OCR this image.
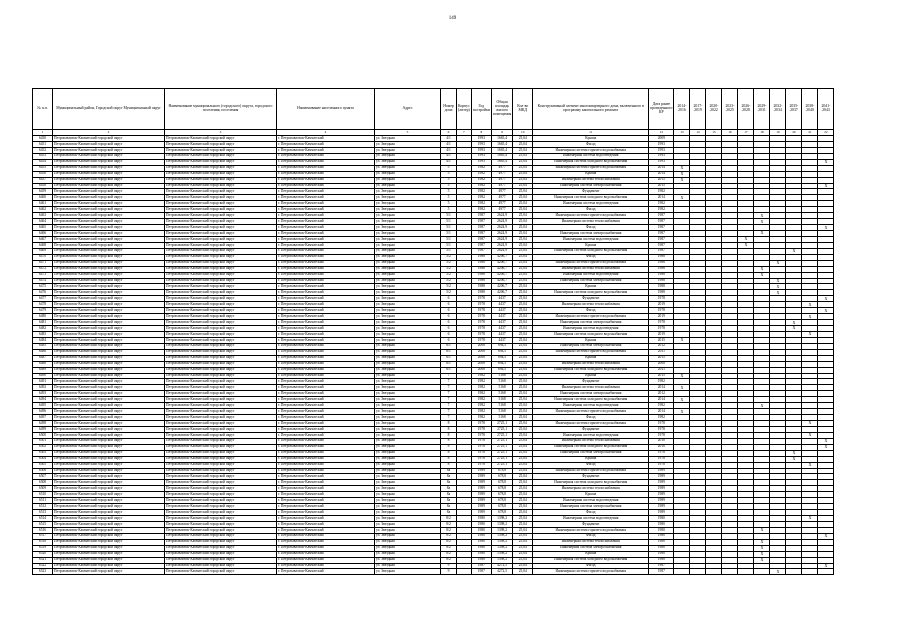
149
№ п.п.	Муниципальный район, Городской округ Муниципальный округ	Наименование муниципального (городского) округа, городского поселения, поселения	Наименование населенного пункта	Адрес	Номер дома	Корпус (литер)	Год постройки	Общая площадь жилого помещения	Кол-во МКД	Конструктивный элемент многоквартирного дома, включенного в программу капитального ремонта	Дата ранее проведенного КР	2014-2016	2017-2019	2020-2022	2023-2025	2026-2028	2029-2031	2032-2034	2035-2037	2038-2040	2041-2043
1	2	3	4	5	6	7	8	9	10	11	12	13	14	15	16	17	18	19	20	21	22
6450	Петропавловск-Камчатский городской округ	Петропавловск-Камчатский городской округ	г. Петропавловск-Камчатский	ул. Звездная	4/1		1993	1665,4	25,04	Крыша	2009										
6451	Петропавловск-Камчатский городской округ	Петропавловск-Камчатский городской округ	г. Петропавловск-Камчатский	ул. Звездная	4/1		1993	1665,4	25,04	Фасад	1993										
6452	Петропавловск-Камчатский городской округ	Петропавловск-Камчатский городской округ	г. Петропавловск-Камчатский	ул. Звездная	4/1		1993	1665,4	25,04	Инженерная система горячего водоснабжения	1993										
6453	Петропавловск-Камчатский городской округ	Петропавловск-Камчатский городской округ	г. Петропавловск-Камчатский	ул. Звездная	4/1		1993	1665,4	25,04	Инженерная система водоотведения	1993										
6454	Петропавловск-Камчатский городской округ	Петропавловск-Камчатский городской округ	г. Петропавловск-Камчатский	ул. Звездная	4/1		1993	1665,4	25,04	Инженерная система холодного водоснабжения	1993										X
6455	Петропавловск-Камчатский городской округ	Петропавловск-Камчатский городской округ	г. Петропавловск-Камчатский	ул. Звездная	5		1982	4977	25,04	Инженерная система горячего водоснабжения	2014	X									
6456	Петропавловск-Камчатский городской округ	Петропавловск-Камчатский городской округ	г. Петропавловск-Камчатский	ул. Звездная	5		1982	4977	25,04	Крыша	2014	X									
6457	Петропавловск-Камчатский городской округ	Петропавловск-Камчатский городской округ	г. Петропавловск-Камчатский	ул. Звездная	5		1982	4977	25,04	Инженерная система теплоснабжения	2015	X									
6458	Петропавловск-Камчатский городской округ	Петропавловск-Камчатский городской округ	г. Петропавловск-Камчатский	ул. Звездная	5		1982	4977	25,04	Инженерная система электроснабжения	2015										X
6459	Петропавловск-Камчатский городской округ	Петропавловск-Камчатский городской округ	г. Петропавловск-Камчатский	ул. Звездная	5		1982	4977	25,04	Фундамент	1982										
6460	Петропавловск-Камчатский городской округ	Петропавловск-Камчатский городской округ	г. Петропавловск-Камчатский	ул. Звездная	5		1982	4977	25,04	Инженерная система холодного водоснабжения	2014	X									
6461	Петропавловск-Камчатский городской округ	Петропавловск-Камчатский городской округ	г. Петропавловск-Камчатский	ул. Звездная	5		1982	4977	25,04	Инженерная система водоотведения	1982										
6462	Петропавловск-Камчатский городской округ	Петропавловск-Камчатский городской округ	г. Петропавловск-Камчатский	ул. Звездная	5		1982	4977	25,04	Фасад	1982										
6463	Петропавловск-Камчатский городской округ	Петропавловск-Камчатский городской округ	г. Петропавловск-Камчатский	ул. Звездная	5/1		1987	2624,9	25,04	Инженерная система горячего водоснабжения	1987						X				
6464	Петропавловск-Камчатский городской округ	Петропавловск-Камчатский городской округ	г. Петропавловск-Камчатский	ул. Звездная	5/1		1987	2624,9	25,04	Инженерная система теплоснабжения	1987						X				
6465	Петропавловск-Камчатский городской округ	Петропавловск-Камчатский городской округ	г. Петропавловск-Камчатский	ул. Звездная	5/1		1987	2624,9	25,04	Фасад	1987										X
6466	Петропавловск-Камчатский городской округ	Петропавловск-Камчатский городской округ	г. Петропавловск-Камчатский	ул. Звездная	5/1		1987	2624,9	25,04	Инженерная система электроснабжения	1987						X				
6467	Петропавловск-Камчатский городской округ	Петропавловск-Камчатский городской округ	г. Петропавловск-Камчатский	ул. Звездная	5/1		1987	2624,9	25,04	Инженерная система водоотведения	1987					X					
6468	Петропавловск-Камчатский городской округ	Петропавловск-Камчатский городской округ	г. Петропавловск-Камчатский	ул. Звездная	5/1		1987	2624,9	25,04	Крыша	1987					X					
6469	Петропавловск-Камчатский городской округ	Петропавловск-Камчатский городской округ	г. Петропавловск-Камчатский	ул. Звездная	5/1		1987	2624,9	25,04	Инженерная система холодного водоснабжения	1987								X		
6470	Петропавловск-Камчатский городской округ	Петропавловск-Камчатский городской округ	г. Петропавловск-Камчатский	ул. Звездная	5/2		1988	4206,7	25,04	Фасад	1988										
6471	Петропавловск-Камчатский городской округ	Петропавловск-Камчатский городской округ	г. Петропавловск-Камчатский	ул. Звездная	5/2		1988	4206,7	25,04	Инженерная система горячего водоснабжения	1988							X			
6472	Петропавловск-Камчатский городской округ	Петропавловск-Камчатский городской округ	г. Петропавловск-Камчатский	ул. Звездная	5/2		1988	4206,7	25,04	Инженерная система теплоснабжения	1988						X				
6473	Петропавловск-Камчатский городской округ	Петропавловск-Камчатский городской округ	г. Петропавловск-Камчатский	ул. Звездная	5/2		1988	4206,7	25,04	Инженерная система водоотведения	1988						X				
6474	Петропавловск-Камчатский городской округ	Петропавловск-Камчатский городской округ	г. Петропавловск-Камчатский	ул. Звездная	5/2		1988	4206,7	25,04	Инженерная система электроснабжения	1988							X			
6475	Петропавловск-Камчатский городской округ	Петропавловск-Камчатский городской округ	г. Петропавловск-Камчатский	ул. Звездная	5/2		1988	4206,7	25,04	Крыша	1988							X			
6476	Петропавловск-Камчатский городской округ	Петропавловск-Камчатский городской округ	г. Петропавловск-Камчатский	ул. Звездная	5/2		1988	4206,7	25,04	Инженерная система холодного водоснабжения	1988							X			
6477	Петропавловск-Камчатский городской округ	Петропавловск-Камчатский городской округ	г. Петропавловск-Камчатский	ул. Звездная	6		1978	4437	25,04	Фундамент	1978										X
6478	Петропавловск-Камчатский городской округ	Петропавловск-Камчатский городской округ	г. Петропавловск-Камчатский	ул. Звездная	6		1978	4437	25,04	Инженерная система теплоснабжения	2019									X	
6479	Петропавловск-Камчатский городской округ	Петропавловск-Камчатский городской округ	г. Петропавловск-Камчатский	ул. Звездная	6		1978	4437	25,04	Фасад	1978										X
6480	Петропавловск-Камчатский городской округ	Петропавловск-Камчатский городской округ	г. Петропавловск-Камчатский	ул. Звездная	6		1978	4437	25,04	Инженерная система горячего водоснабжения	2019									X	
6481	Петропавловск-Камчатский городской округ	Петропавловск-Камчатский городской округ	г. Петропавловск-Камчатский	ул. Звездная	6		1978	4437	25,04	Инженерная система электроснабжения	1978								X		
6482	Петропавловск-Камчатский городской округ	Петропавловск-Камчатский городской округ	г. Петропавловск-Камчатский	ул. Звездная	6		1978	4437	25,04	Инженерная система водоотведения	1978								X		
6483	Петропавловск-Камчатский городской округ	Петропавловск-Камчатский городской округ	г. Петропавловск-Камчатский	ул. Звездная	6		1978	4437	25,04	Инженерная система холодного водоснабжения	2019									X	
6484	Петропавловск-Камчатский городской округ	Петропавловск-Камчатский городской округ	г. Петропавловск-Камчатский	ул. Звездная	6		1978	4437	25,04	Крыша	2015	X									
6485	Петропавловск-Камчатский городской округ	Петропавловск-Камчатский городской округ	г. Петропавловск-Камчатский	ул. Звездная	6/1		2008	694,5	25,04	Инженерная система электроснабжения	2012										
6486	Петропавловск-Камчатский городской округ	Петропавловск-Камчатский городской округ	г. Петропавловск-Камчатский	ул. Звездная	6/1		2008	694,5	25,04	Инженерная система горячего водоснабжения	2011										
6487	Петропавловск-Камчатский городской округ	Петропавловск-Камчатский городской округ	г. Петропавловск-Камчатский	ул. Звездная	6/1		2008	694,5	25,04	Крыша	2015										
6488	Петропавловск-Камчатский городской округ	Петропавловск-Камчатский городской округ	г. Петропавловск-Камчатский	ул. Звездная	6/1		2008	694,5	25,04	Инженерная система теплоснабжения	2008										
6489	Петропавловск-Камчатский городской округ	Петропавловск-Камчатский городской округ	г. Петропавловск-Камчатский	ул. Звездная	6/1		2008	694,5	25,04	Инженерная система холодного водоснабжения	2011										
6490	Петропавловск-Камчатский городской округ	Петропавловск-Камчатский городской округ	г. Петропавловск-Камчатский	ул. Звездная	7		1982	5168	25,04	Крыша	2015	X									
6491	Петропавловск-Камчатский городской округ	Петропавловск-Камчатский городской округ	г. Петропавловск-Камчатский	ул. Звездная	7		1982	5168	25,04	Фундамент	1982										
6492	Петропавловск-Камчатский городской округ	Петропавловск-Камчатский городской округ	г. Петропавловск-Камчатский	ул. Звездная	7		1982	5168	25,04	Инженерная система теплоснабжения	2014	X									
6493	Петропавловск-Камчатский городской округ	Петропавловск-Камчатский городской округ	г. Петропавловск-Камчатский	ул. Звездная	7		1982	5168	25,04	Инженерная система электроснабжения	2012										
6494	Петропавловск-Камчатский городской округ	Петропавловск-Камчатский городской округ	г. Петропавловск-Камчатский	ул. Звездная	7		1982	5168	25,04	Инженерная система холодного водоснабжения	2014	X									
6495	Петропавловск-Камчатский городской округ	Петропавловск-Камчатский городской округ	г. Петропавловск-Камчатский	ул. Звездная	7		1982	5168	25,04	Инженерная система водоотведения	1982						X				
6496	Петропавловск-Камчатский городской округ	Петропавловск-Камчатский городской округ	г. Петропавловск-Камчатский	ул. Звездная	7		1982	5168	25,04	Инженерная система горячего водоснабжения	2014	X									
6497	Петропавловск-Камчатский городской округ	Петропавловск-Камчатский городской округ	г. Петропавловск-Камчатский	ул. Звездная	7		1982	5168	25,04	Фасад	1982										
6498	Петропавловск-Камчатский городской округ	Петропавловск-Камчатский городской округ	г. Петропавловск-Камчатский	ул. Звездная	8		1978	2725,1	25,04	Инженерная система горячего водоснабжения	1978									X	
6499	Петропавловск-Камчатский городской округ	Петропавловск-Камчатский городской округ	г. Петропавловск-Камчатский	ул. Звездная	8		1978	2725,1	25,04	Фундамент	1978										
6500	Петропавловск-Камчатский городской округ	Петропавловск-Камчатский городской округ	г. Петропавловск-Камчатский	ул. Звездная	8		1978	2725,1	25,04	Инженерная система водоотведения	1978									X	
6501	Петропавловск-Камчатский городской округ	Петропавловск-Камчатский городской округ	г. Петропавловск-Камчатский	ул. Звездная	8		1978	2725,1	25,04	Инженерная система теплоснабжения	2010										X
6502	Петропавловск-Камчатский городской округ	Петропавловск-Камчатский городской округ	г. Петропавловск-Камчатский	ул. Звездная	8		1978	2725,1	25,04	Инженерная система холодного водоснабжения	2010										X
6503	Петропавловск-Камчатский городской округ	Петропавловск-Камчатский городской округ	г. Петропавловск-Камчатский	ул. Звездная	8		1978	2725,1	25,04	Инженерная система электроснабжения	1978								X		
6504	Петропавловск-Камчатский городской округ	Петропавловск-Камчатский городской округ	г. Петропавловск-Камчатский	ул. Звездная	8		1978	2725,1	25,04	Крыша	1978								X		
6505	Петропавловск-Камчатский городской округ	Петропавловск-Камчатский городской округ	г. Петропавловск-Камчатский	ул. Звездная	8		1978	2725,1	25,04	Фасад	1978									X	
6506	Петропавловск-Камчатский городской округ	Петропавловск-Камчатский городской округ	г. Петропавловск-Камчатский	ул. Звездная	8а		1989	678,8	25,04	Инженерная система горячего водоснабжения	1989										
6507	Петропавловск-Камчатский городской округ	Петропавловск-Камчатский городской округ	г. Петропавловск-Камчатский	ул. Звездная	8а		1989	678,8	25,04	Фундамент	1989										
6508	Петропавловск-Камчатский городской округ	Петропавловск-Камчатский городской округ	г. Петропавловск-Камчатский	ул. Звездная	8а		1989	678,8	25,04	Инженерная система холодного водоснабжения	1989										
6509	Петропавловск-Камчатский городской округ	Петропавловск-Камчатский городской округ	г. Петропавловск-Камчатский	ул. Звездная	8а		1989	678,8	25,04	Инженерная система теплоснабжения	1989										
6510	Петропавловск-Камчатский городской округ	Петропавловск-Камчатский городской округ	г. Петропавловск-Камчатский	ул. Звездная	8а		1989	678,8	25,04	Крыша	1989										
6511	Петропавловск-Камчатский городской округ	Петропавловск-Камчатский городской округ	г. Петропавловск-Камчатский	ул. Звездная	8а		1989	678,8	25,04	Инженерная система водоотведения	1989										
6512	Петропавловск-Камчатский городской округ	Петропавловск-Камчатский городской округ	г. Петропавловск-Камчатский	ул. Звездная	8а		1989	678,8	25,04	Инженерная система электроснабжения	1989										
6513	Петропавловск-Камчатский городской округ	Петропавловск-Камчатский городской округ	г. Петропавловск-Камчатский	ул. Звездная	8а		1989	678,8	25,04	Фасад	1989										
6514	Петропавловск-Камчатский городской округ	Петропавловск-Камчатский городской округ	г. Петропавловск-Камчатский	ул. Звездная	8/2		1980	1398,2	25,04	Инженерная система водоотведения	1980									X	
6515	Петропавловск-Камчатский городской округ	Петропавловск-Камчатский городской округ	г. Петропавловск-Камчатский	ул. Звездная	8/2		1980	1398,2	25,04	Фундамент	1980										
6516	Петропавловск-Камчатский городской округ	Петропавловск-Камчатский городской округ	г. Петропавловск-Камчатский	ул. Звездная	8/2		1980	1398,2	25,04	Инженерная система горячего водоснабжения	1980						X				
6517	Петропавловск-Камчатский городской округ	Петропавловск-Камчатский городской округ	г. Петропавловск-Камчатский	ул. Звездная	8/2		1980	1398,2	25,04	Фасад	1980										X
6518	Петропавловск-Камчатский городской округ	Петропавловск-Камчатский городской округ	г. Петропавловск-Камчатский	ул. Звездная	8/2		1980	1398,2	25,04	Инженерная система теплоснабжения	1980						X				
6519	Петропавловск-Камчатский городской округ	Петропавловск-Камчатский городской округ	г. Петропавловск-Камчатский	ул. Звездная	8/2		1980	1398,2	25,04	Инженерная система электроснабжения	1980						X				
6520	Петропавловск-Камчатский городской округ	Петропавловск-Камчатский городской округ	г. Петропавловск-Камчатский	ул. Звездная	8/2		1980	1398,2	25,04	Крыша	1980						X				
6521	Петропавловск-Камчатский городской округ	Петропавловск-Камчатский городской округ	г. Петропавловск-Камчатский	ул. Звездная	8/2		1980	1398,2	25,04	Инженерная система холодного водоснабжения	1980						X				
6522	Петропавловск-Камчатский городской округ	Петропавловск-Камчатский городской округ	г. Петропавловск-Камчатский	ул. Звездная	9		1987	4272,5	25,04	Фасад	1987										X
6523	Петропавловск-Камчатский городской округ	Петропавловск-Камчатский городской округ	г. Петропавловск-Камчатский	ул. Звездная	9		1987	4272,5	25,04	Инженерная система горячего водоснабжения	1987							X			
